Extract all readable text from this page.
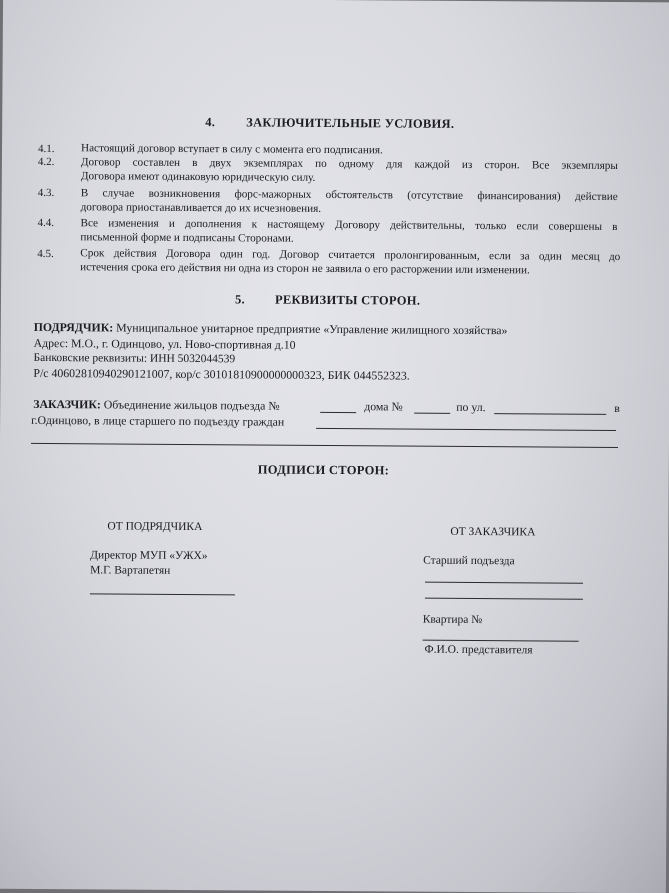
4. ЗАКЛЮЧИТЕЛЬНЫЕ УСЛОВИЯ.
4.1. Настоящий договор вступает в силу с момента его подписания.
4.2. Договор составлен в двух экземплярах по одному для каждой из сторон. Все экземпляры
Договора имеют одинаковую юридическую силу.
4.3. В случае возникновения форс-мажорных обстоятельств (отсутствие финансирования) действие
договора приостанавливается до их исчезновения.
4.4. Все изменения и дополнения к настоящему Договору действительны, только если совершены в
письменной форме и подписаны Сторонами.
4.5. Срок действия Договора один год. Договор считается пролонгированным, если за один месяц до
истечения срока его действия ни одна из сторон не заявила о его расторжении или изменении.
5. РЕКВИЗИТЫ СТОРОН.
ПОДРЯДЧИК: Муниципальное унитарное предприятие «Управление жилищного хозяйства»
Адрес: М.О., г. Одинцово, ул. Ново-спортивная д.10
Банковские реквизиты: ИНН 5032044539
Р/с 40602810940290121007, кор/с 30101810900000000323, БИК 044552323.
ЗАКАЗЧИК: Объединение жильцов подъезда №	дома №	по ул.	в
г.Одинцово, в лице старшего по подъезду граждан
ПОДПИСИ СТОРОН:
ОТ ПОДРЯДЧИКА
Директор МУП «УЖХ»
М.Г. Вартапетян
ОТ ЗАКАЗЧИКА
Старший подъезда
Квартира №
Ф.И.О. представителя
